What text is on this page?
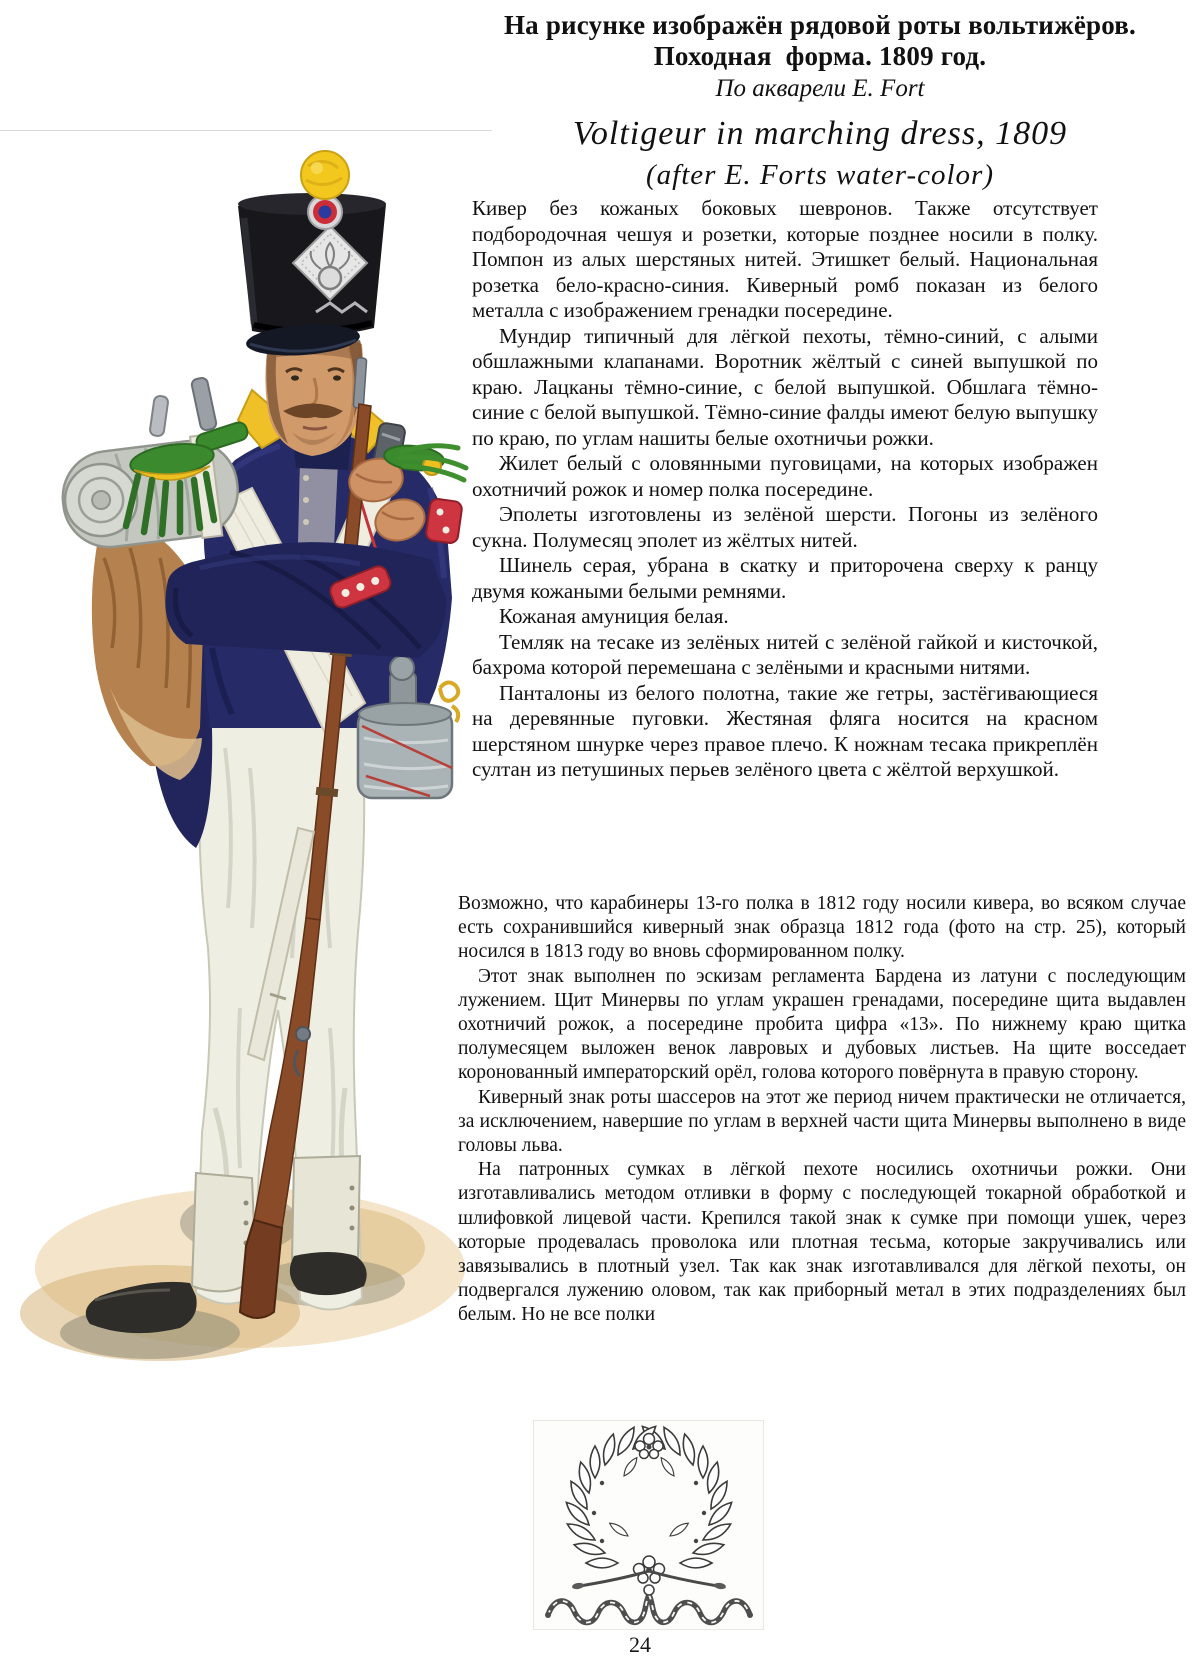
На рисунке изображён рядовой роты вольтижёров.
Походная  форма. 1809 год.
По акварели Е. Fort
Voltigeur in marching dress, 1809
(after E. Forts water-color)

Кивер без кожаных боковых шевронов. Также отсутствует подбородочная чешуя и розетки, которые позднее носили в полку. Помпон из алых шерстяных нитей. Этишкет белый. Национальная розетка бело-красно-синия. Киверный ромб показан из белого металла с изображением гренадки посередине.

Мундир типичный для лёгкой пехоты, тёмно-синий, с алыми обшлажными клапанами. Воротник жёлтый с синей выпушкой по краю. Лацканы тёмно-синие, с белой выпушкой. Обшлага тёмно-синие с белой выпушкой. Тёмно-синие фалды имеют белую выпушку по краю, по углам нашиты белые охотничьи рожки.

Жилет белый с оловянными пуговицами, на которых изображен охотничий рожок и номер полка посередине.

Эполеты изготовлены из зелёной шерсти. Погоны из зелёного сукна. Полумесяц эполет из жёлтых нитей.

Шинель серая, убрана в скатку и приторочена сверху к ранцу двумя кожаными белыми ремнями.

Кожаная амуниция белая.

Темляк на тесаке из зелёных нитей с зелёной гайкой и кисточкой, бахрома которой перемешана с зелёными и красными нитями.

Панталоны из белого полотна, такие же гетры, застёгивающиеся на деревянные пуговки. Жестяная фляга носится на красном шерстяном шнурке через правое плечо. К ножнам тесака прикреплён султан из петушиных перьев зелёного цвета с жёлтой верхушкой.

Возможно, что карабинеры 13-го полка в 1812 году носили кивера, во всяком случае есть сохранившийся киверный знак образца 1812 года (фото на стр. 25), который носился в 1813 году во вновь сформированном полку.

Этот знак выполнен по эскизам регламента Бардена из латуни с последующим лужением. Щит Минервы по углам украшен гренадами, посередине щита выдавлен охотничий рожок, а посередине пробита цифра «13». По нижнему краю щитка полумесяцем выложен венок лавровых и дубовых листьев. На щите восседает коронованный императорский орёл, голова которого повёрнута в правую сторону.

Киверный знак роты шассеров на этот же период ничем практически не отличается, за исключением, навершие по углам в верхней части щита Минервы выполнено в виде головы льва.

На патронных сумках в лёгкой пехоте носились охотничьи рожки. Они изготавливались методом отливки в форму с последующей токарной обработкой и шлифовкой лицевой части. Крепился такой знак к сумке при помощи ушек, через которые продевалась проволока или плотная тесьма, которые закручивались или завязывались в плотный узел. Так как знак изготавливался для лёгкой пехоты, он подвергался лужению оловом, так как приборный метал в этих подразделениях был белым. Но не все полки

24
